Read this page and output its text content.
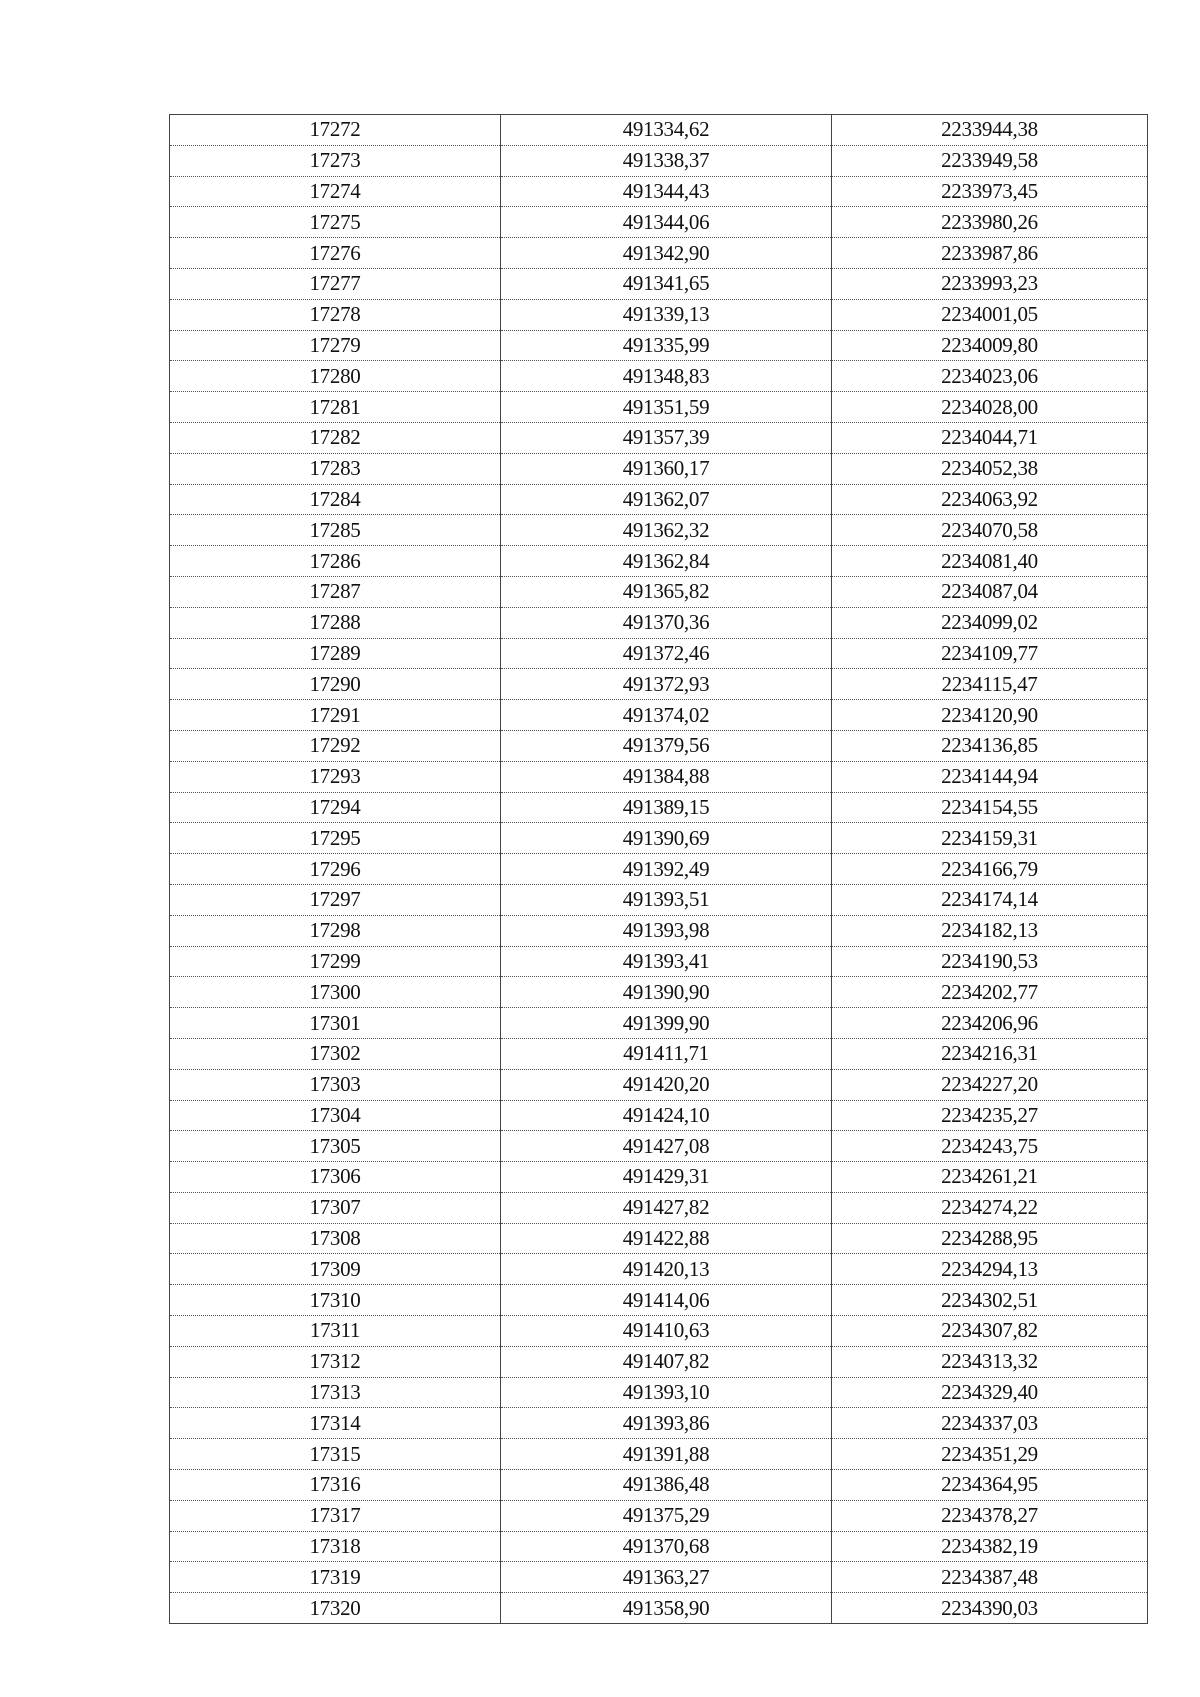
17272	491334,62	2233944,38
17273	491338,37	2233949,58
17274	491344,43	2233973,45
17275	491344,06	2233980,26
17276	491342,90	2233987,86
17277	491341,65	2233993,23
17278	491339,13	2234001,05
17279	491335,99	2234009,80
17280	491348,83	2234023,06
17281	491351,59	2234028,00
17282	491357,39	2234044,71
17283	491360,17	2234052,38
17284	491362,07	2234063,92
17285	491362,32	2234070,58
17286	491362,84	2234081,40
17287	491365,82	2234087,04
17288	491370,36	2234099,02
17289	491372,46	2234109,77
17290	491372,93	2234115,47
17291	491374,02	2234120,90
17292	491379,56	2234136,85
17293	491384,88	2234144,94
17294	491389,15	2234154,55
17295	491390,69	2234159,31
17296	491392,49	2234166,79
17297	491393,51	2234174,14
17298	491393,98	2234182,13
17299	491393,41	2234190,53
17300	491390,90	2234202,77
17301	491399,90	2234206,96
17302	491411,71	2234216,31
17303	491420,20	2234227,20
17304	491424,10	2234235,27
17305	491427,08	2234243,75
17306	491429,31	2234261,21
17307	491427,82	2234274,22
17308	491422,88	2234288,95
17309	491420,13	2234294,13
17310	491414,06	2234302,51
17311	491410,63	2234307,82
17312	491407,82	2234313,32
17313	491393,10	2234329,40
17314	491393,86	2234337,03
17315	491391,88	2234351,29
17316	491386,48	2234364,95
17317	491375,29	2234378,27
17318	491370,68	2234382,19
17319	491363,27	2234387,48
17320	491358,90	2234390,03
